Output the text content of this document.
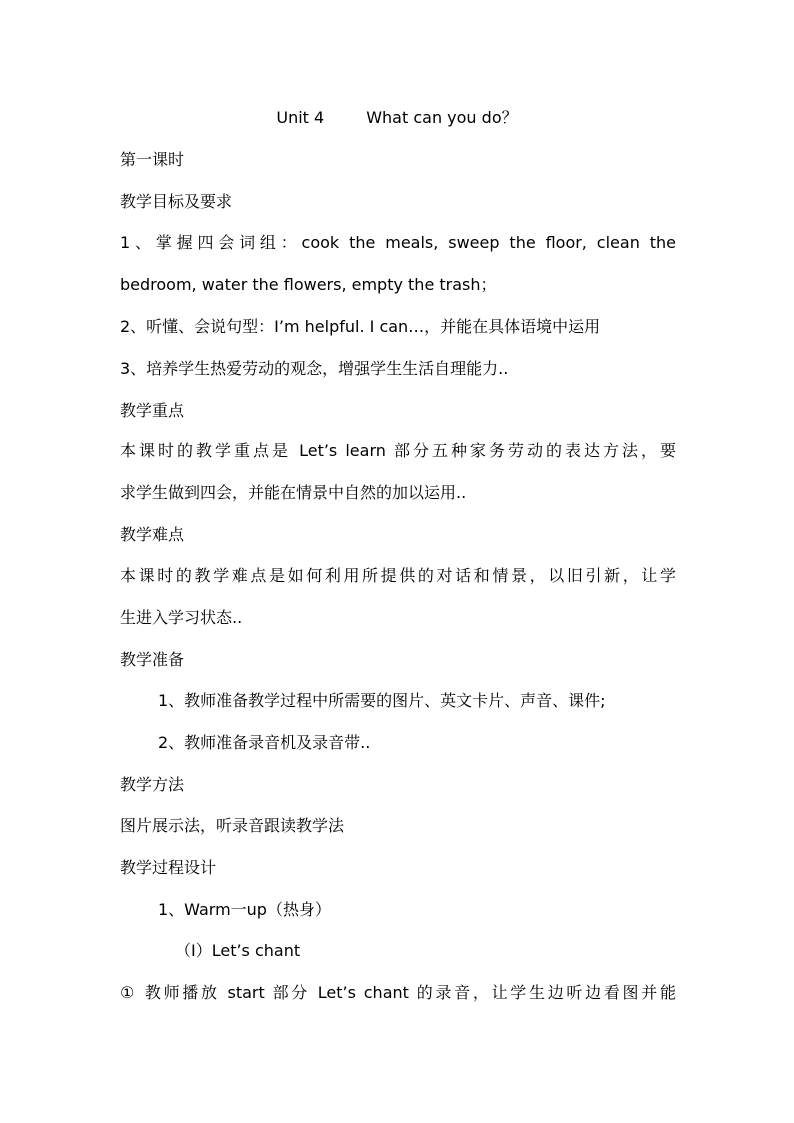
Unit 4	What can you do？
第一课时
教学目标及要求
1、掌握四会词组：cook the meals, sweep the floor, clean the
bedroom, water the flowers, empty the trash；
2、听懂、会说句型：I’m helpful. I can…，并能在具体语境中运用
3、培养学生热爱劳动的观念，增强学生生活自理能力..
教学重点
本课时的教学重点是 Let’s learn 部分五种家务劳动的表达方法，要
求学生做到四会，并能在情景中自然的加以运用..
教学难点
本课时的教学难点是如何利用所提供的对话和情景，以旧引新，让学
生进入学习状态..
教学准备
1、教师准备教学过程中所需要的图片、英文卡片、声音、课件;
2、教师准备录音机及录音带..
教学方法
图片展示法，听录音跟读教学法
教学过程设计
1、Warm一up（热身）
（I）Let’s chant
① 教师播放 start 部分 Let’s chant 的录音，让学生边听边看图并能
